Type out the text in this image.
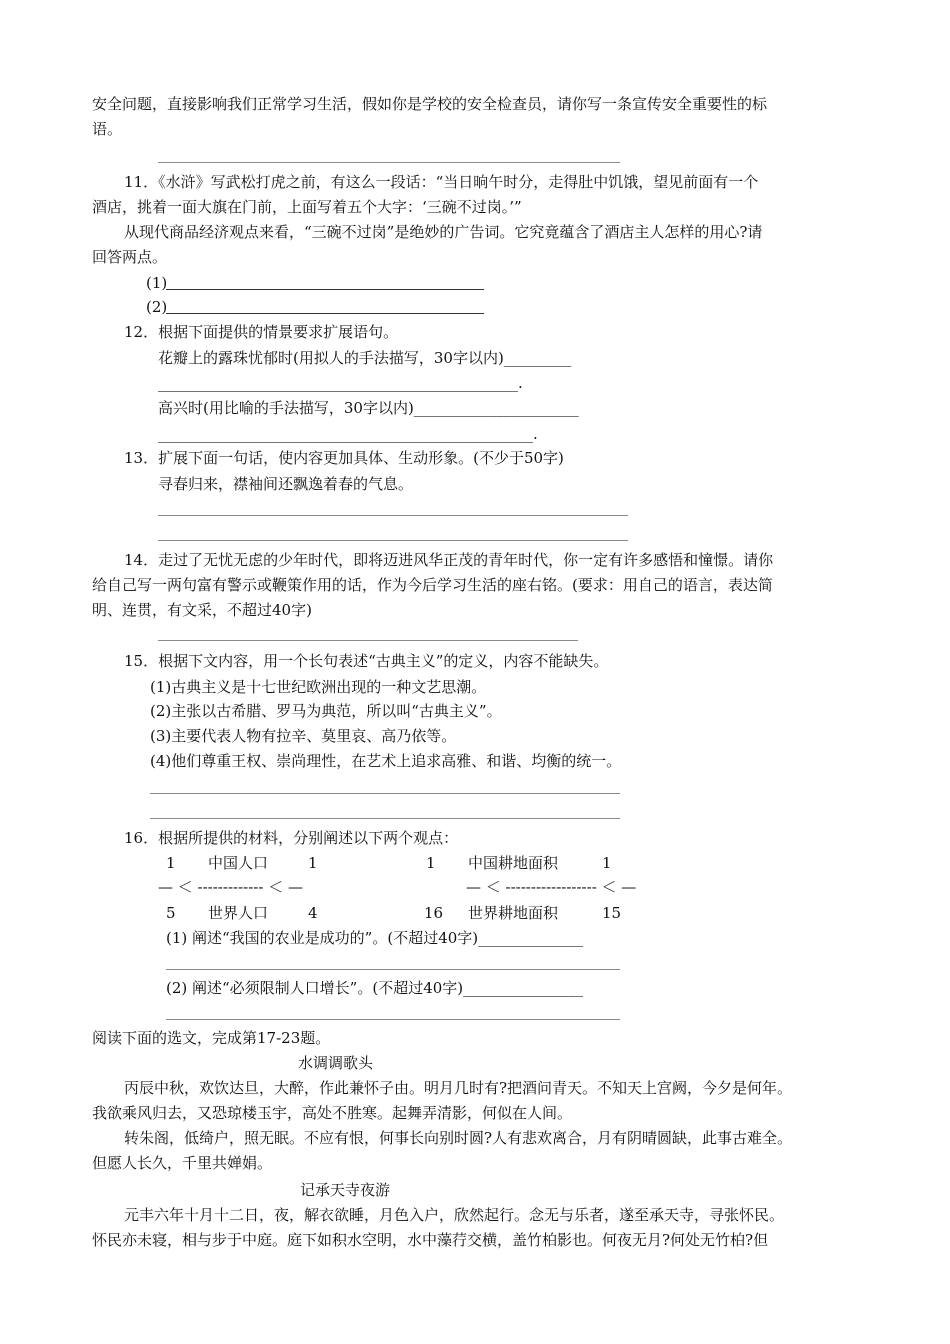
安全问题，直接影响我们正常学习生活，假如你是学校的安全检查员，请你写一条宣传安全重要性的标
语。
11．《水浒》写武松打虎之前，有这么一段话：“当日晌午时分，走得肚中饥饿，望见前面有一个
酒店，挑着一面大旗在门前，上面写着五个大字：‘三碗不过岗。’”
从现代商品经济观点来看，“三碗不过岗”是绝妙的广告词。它究竟蕴含了酒店主人怎样的用心?请
回答两点。
(1)
(2)
12．根据下面提供的情景要求扩展语句。
花瓣上的露珠忧郁时(用拟人的手法描写，30字以内)_________
________________________________________________.
高兴时(用比喻的手法描写，30字以内)______________________
__________________________________________________.
13．扩展下面一句话，使内容更加具体、生动形象。(不少于50字)
寻春归来，襟袖间还飘逸着春的气息。
14．走过了无忧无虑的少年时代，即将迈进风华正茂的青年时代，你一定有许多感悟和憧憬。请你
给自己写一两句富有警示或鞭策作用的话，作为今后学习生活的座右铭。(要求：用自己的语言，表达简
明、连贯，有文采，不超过40字)
15．根据下文内容，用一个长句表述“古典主义”的定义，内容不能缺失。
(1)古典主义是十七世纪欧洲出现的一种文艺思潮。
(2)主张以古希腊、罗马为典范，所以叫“古典主义”。
(3)主要代表人物有拉辛、莫里哀、高乃依等。
(4)他们尊重王权、崇尚理性，在艺术上追求高雅、和谐、均衡的统一。
16．根据所提供的材料，分别阐述以下两个观点：
1 中国人口	1
— ＜ ------------- ＜ —
5 世界人口	4
1 中国耕地面积	1
— ＜ ------------------ ＜ —
16 世界耕地面积	15
(1) 阐述“我国的农业是成功的”。(不超过40字)______________
(2) 阐述“必须限制人口增长”。(不超过40字)________________
阅读下面的选文，完成第17-23题。
水调调歌头
丙辰中秋，欢饮达旦，大醉，作此兼怀子由。明月几时有?把酒问青天。不知天上宫阙，今夕是何年。
我欲乘风归去，又恐琼楼玉宇，高处不胜寒。起舞弄清影，何似在人间。
转朱阁，低绮户，照无眠。不应有恨，何事长向别时圆?人有悲欢离合，月有阴晴圆缺，此事古难全。
但愿人长久，千里共婵娟。
记承天寺夜游
元丰六年十月十二日，夜，解衣欲睡，月色入户，欣然起行。念无与乐者，遂至承天寺，寻张怀民。
怀民亦未寝，相与步于中庭。庭下如积水空明，水中藻荇交横，盖竹柏影也。何夜无月?何处无竹柏?但
